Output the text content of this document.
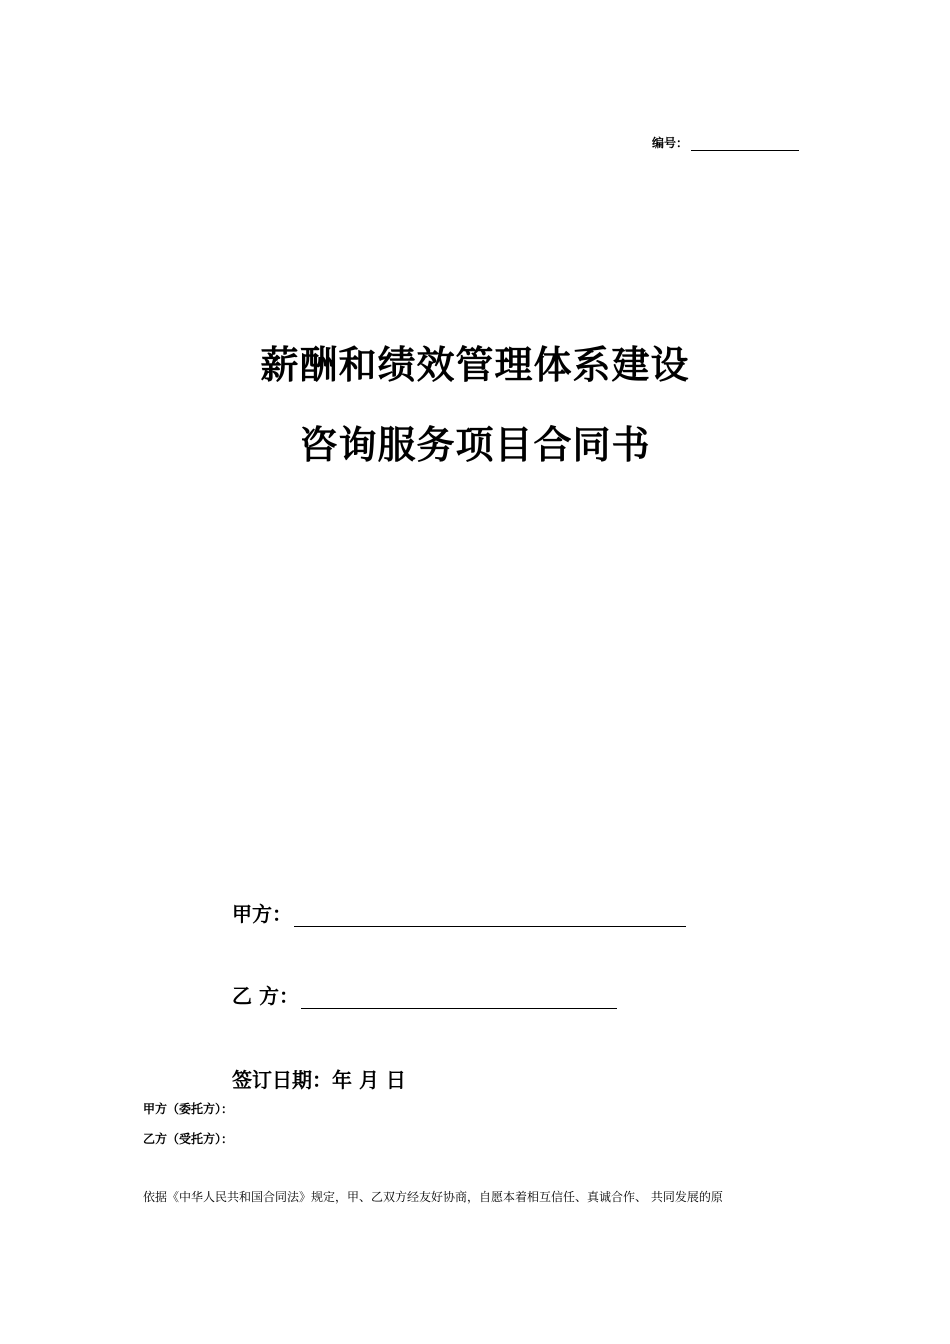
编号：
薪酬和绩效管理体系建设
咨询服务项目合同书
甲方：
乙 方：
签订日期：年 月 日
甲方（委托方）：
乙方（受托方）：
依据《中华人民共和国合同法》规定，甲、乙双方经友好协商，自愿本着相互信任、真诚合作、 共同发展的原
